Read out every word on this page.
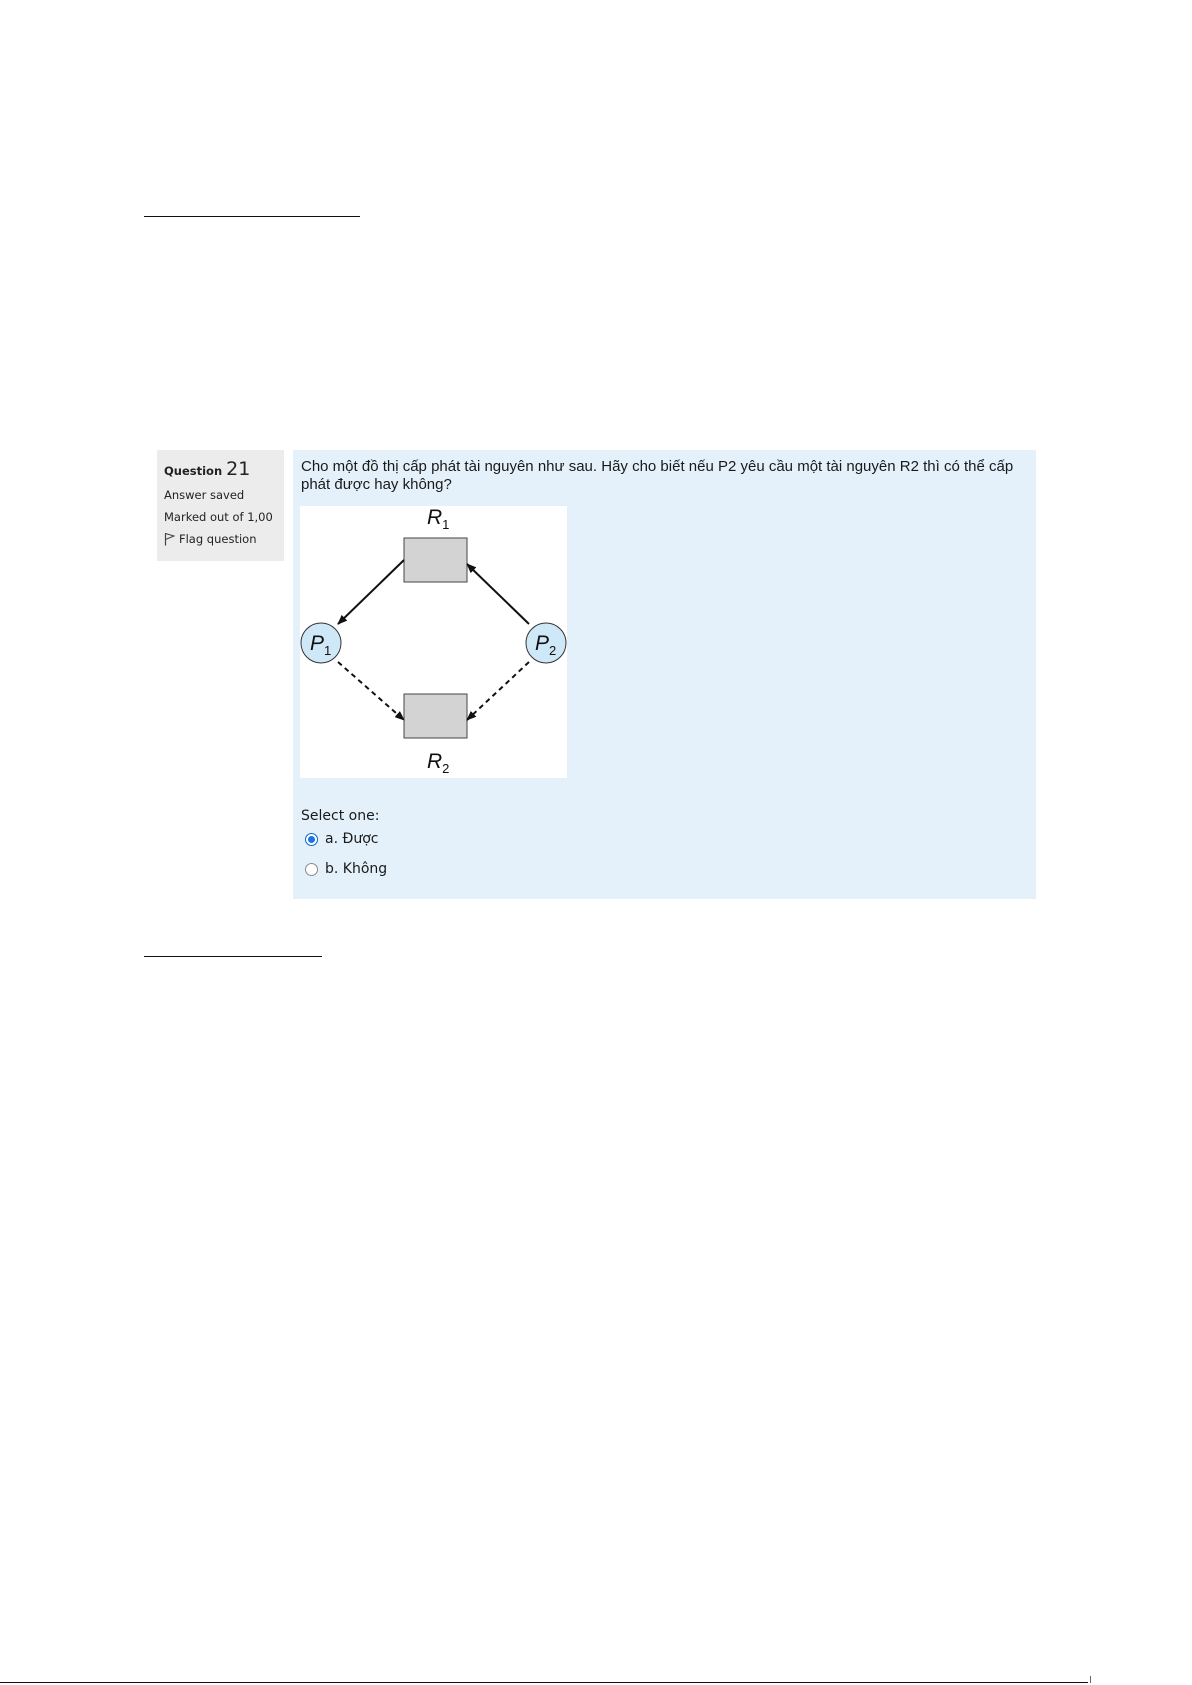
Question 21
Answer saved
Marked out of 1,00
Flag question

Cho một đồ thị cấp phát tài nguyên như sau. Hãy cho biết nếu P2 yêu cầu một tài nguyên R2 thì có thể cấp phát được hay không?

$R_1$
$P_1$	$P_2$
$R_2$
Select one:
a. Được
b. Không
